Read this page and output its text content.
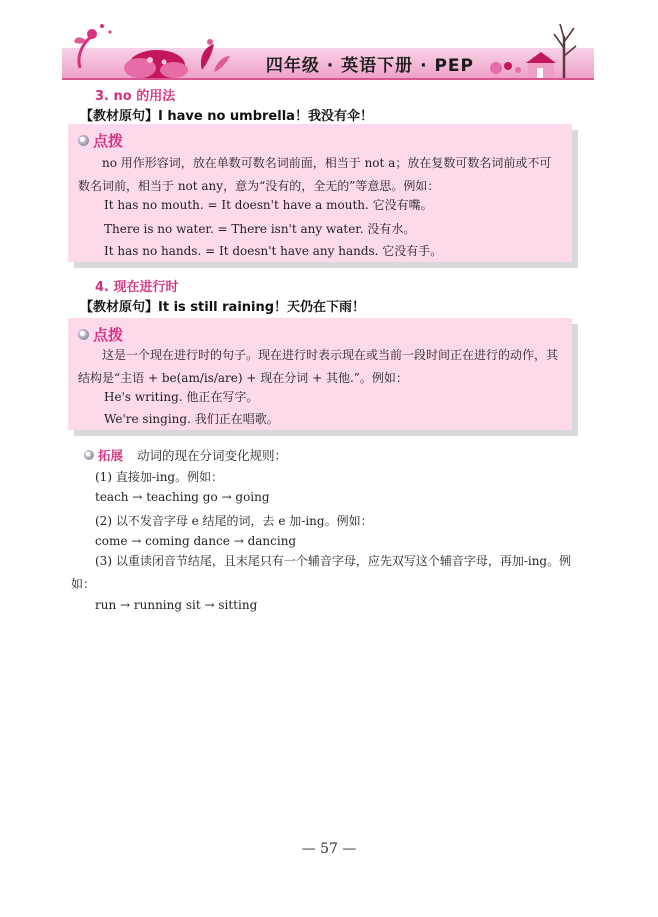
四年级 · 英语下册 · PEP
3. no 的用法
【教材原句】I have no umbrella！我没有伞！
点拨
no 用作形容词，放在单数可数名词前面，相当于 not a；放在复数可数名词前或不可数名词前，相当于 not any，意为“没有的，全无的”等意思。例如：
It has no mouth. = It doesn't have a mouth. 它没有嘴。
There is no water. = There isn't any water. 没有水。
It has no hands. = It doesn't have any hands. 它没有手。
4. 现在进行时
【教材原句】It is still raining！天仍在下雨！
点拨
这是一个现在进行时的句子。现在进行时表示现在或当前一段时间正在进行的动作，其结构是“主语 + be(am/is/are) + 现在分词 + 其他.”。例如：
He's writing. 他正在写字。
We're singing. 我们正在唱歌。
拓展 动词的现在分词变化规则：
(1) 直接加-ing。例如：
teach → teaching go → going
(2) 以不发音字母 e 结尾的词，去 e 加-ing。例如：
come → coming dance → dancing
(3) 以重读闭音节结尾，且末尾只有一个辅音字母，应先双写这个辅音字母，再加-ing。例如：
run → running sit → sitting
— 57 —
